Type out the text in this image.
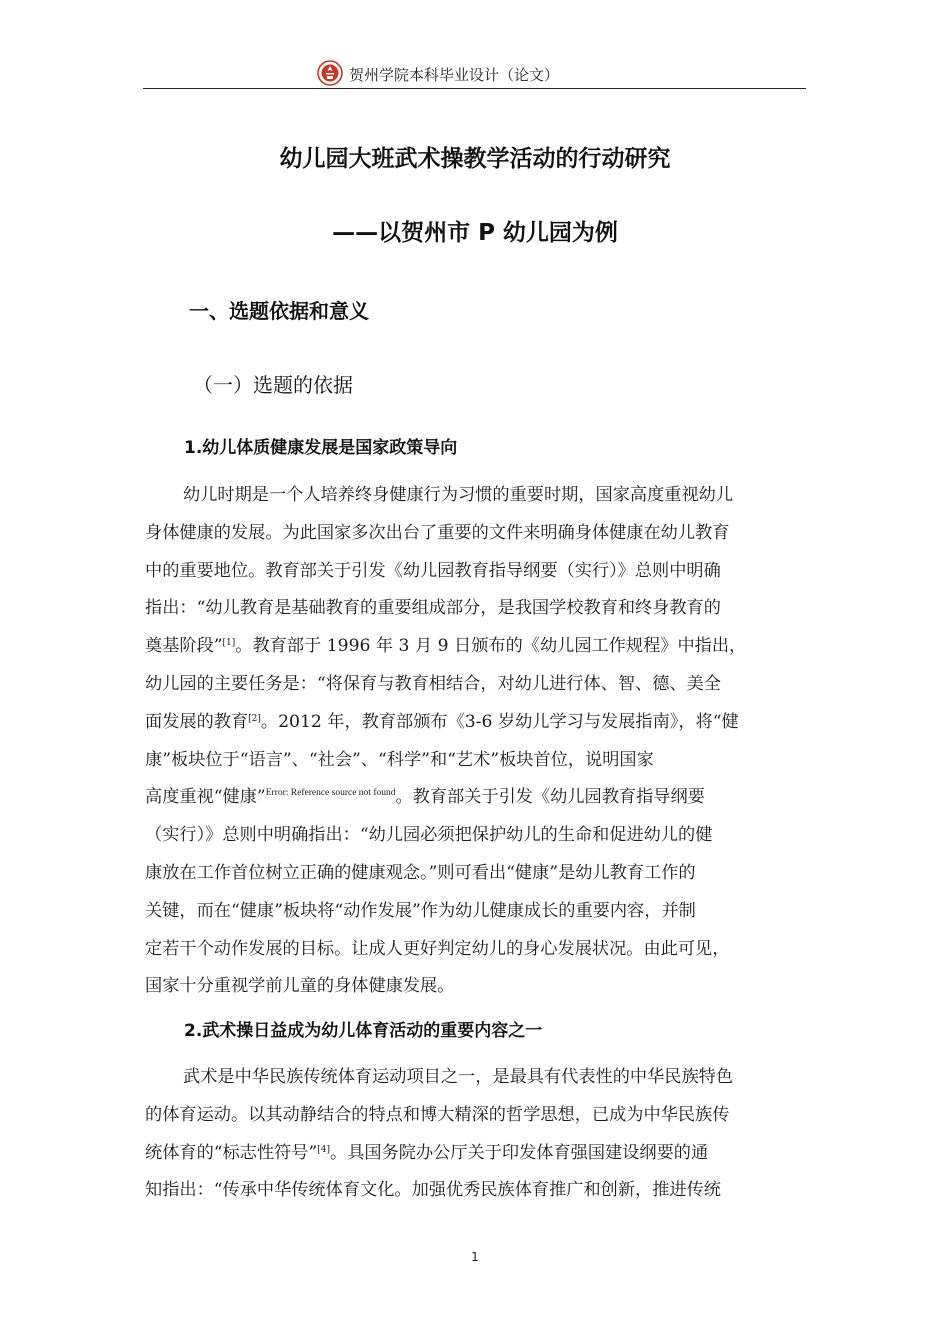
贺州学院本科毕业设计（论文）
幼儿园大班武术操教学活动的行动研究
——以贺州市 P 幼儿园为例
一、选题依据和意义
（一）选题的依据
1.幼儿体质健康发展是国家政策导向
幼儿时期是一个人培养终身健康行为习惯的重要时期，国家高度重视幼儿
身体健康的发展。为此国家多次出台了重要的文件来明确身体健康在幼儿教育
中的重要地位。教育部关于引发《幼儿园教育指导纲要（实行）》总则中明确
指出：“幼儿教育是基础教育的重要组成部分，是我国学校教育和终身教育的
奠基阶段”[1]。教育部于 1996 年 3 月 9 日颁布的《幼儿园工作规程》中指出，
幼儿园的主要任务是：“将保育与教育相结合，对幼儿进行体、智、德、美全
面发展的教育[2]。2012 年，教育部颁布《3-6 岁幼儿学习与发展指南》，将“健
康”板块位于“语言”、“社会”、“科学”和“艺术”板块首位，说明国家
高度重视“健康”$^{Error: Reference source not found}$。教育部关于引发《幼儿园教育指导纲要
（实行）》总则中明确指出：“幼儿园必须把保护幼儿的生命和促进幼儿的健
康放在工作首位树立正确的健康观念。”则可看出“健康”是幼儿教育工作的
关键，而在“健康”板块将“动作发展”作为幼儿健康成长的重要内容，并制
定若干个动作发展的目标。让成人更好判定幼儿的身心发展状况。由此可见，
国家十分重视学前儿童的身体健康发展。
2.武术操日益成为幼儿体育活动的重要内容之一
武术是中华民族传统体育运动项目之一，是最具有代表性的中华民族特色
的体育运动。以其动静结合的特点和博大精深的哲学思想，已成为中华民族传
统体育的“标志性符号”[4]。具国务院办公厅关于印发体育强国建设纲要的通
知指出：“传承中华传统体育文化。加强优秀民族体育推广和创新，推进传统
1
